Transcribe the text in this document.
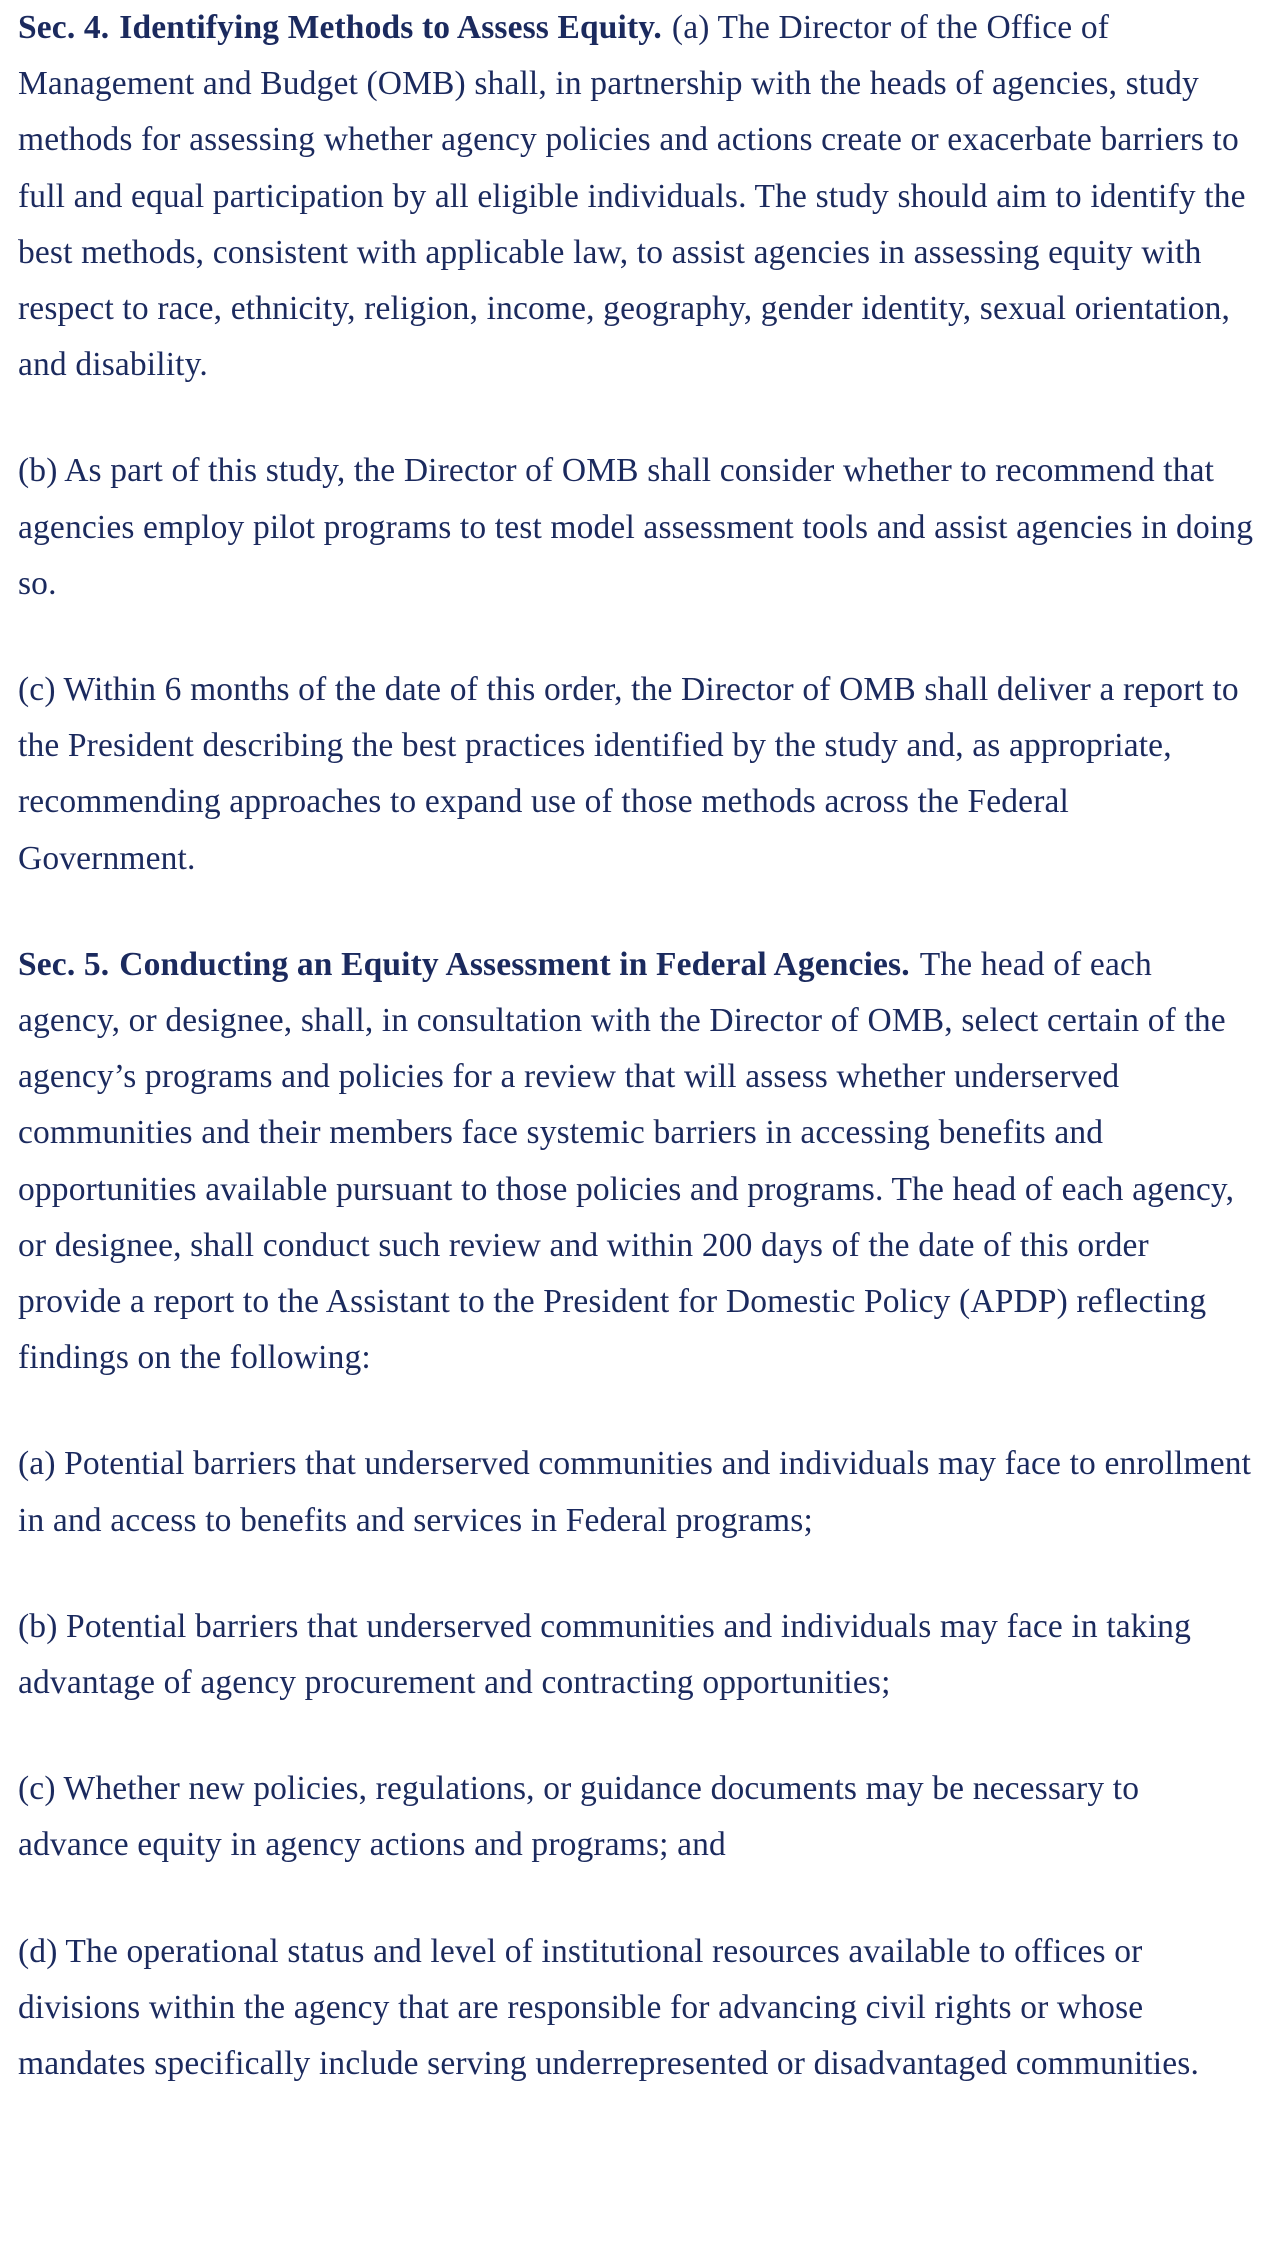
Sec. 4. Identifying Methods to Assess Equity. (a) The Director of the Office of Management and Budget (OMB) shall, in partnership with the heads of agencies, study methods for assessing whether agency policies and actions create or exacerbate barriers to full and equal participation by all eligible individuals. The study should aim to identify the best methods, consistent with applicable law, to assist agencies in assessing equity with respect to race, ethnicity, religion, income, geography, gender identity, sexual orientation, and disability.

(b) As part of this study, the Director of OMB shall consider whether to recommend that agencies employ pilot programs to test model assessment tools and assist agencies in doing so.

(c) Within 6 months of the date of this order, the Director of OMB shall deliver a report to the President describing the best practices identified by the study and, as appropriate, recommending approaches to expand use of those methods across the Federal Government.

Sec. 5. Conducting an Equity Assessment in Federal Agencies. The head of each agency, or designee, shall, in consultation with the Director of OMB, select certain of the agency’s programs and policies for a review that will assess whether underserved communities and their members face systemic barriers in accessing benefits and opportunities available pursuant to those policies and programs. The head of each agency, or designee, shall conduct such review and within 200 days of the date of this order provide a report to the Assistant to the President for Domestic Policy (APDP) reflecting findings on the following:

(a) Potential barriers that underserved communities and individuals may face to enrollment in and access to benefits and services in Federal programs;

(b) Potential barriers that underserved communities and individuals may face in taking advantage of agency procurement and contracting opportunities;

(c) Whether new policies, regulations, or guidance documents may be necessary to advance equity in agency actions and programs; and

(d) The operational status and level of institutional resources available to offices or divisions within the agency that are responsible for advancing civil rights or whose mandates specifically include serving underrepresented or disadvantaged communities.
